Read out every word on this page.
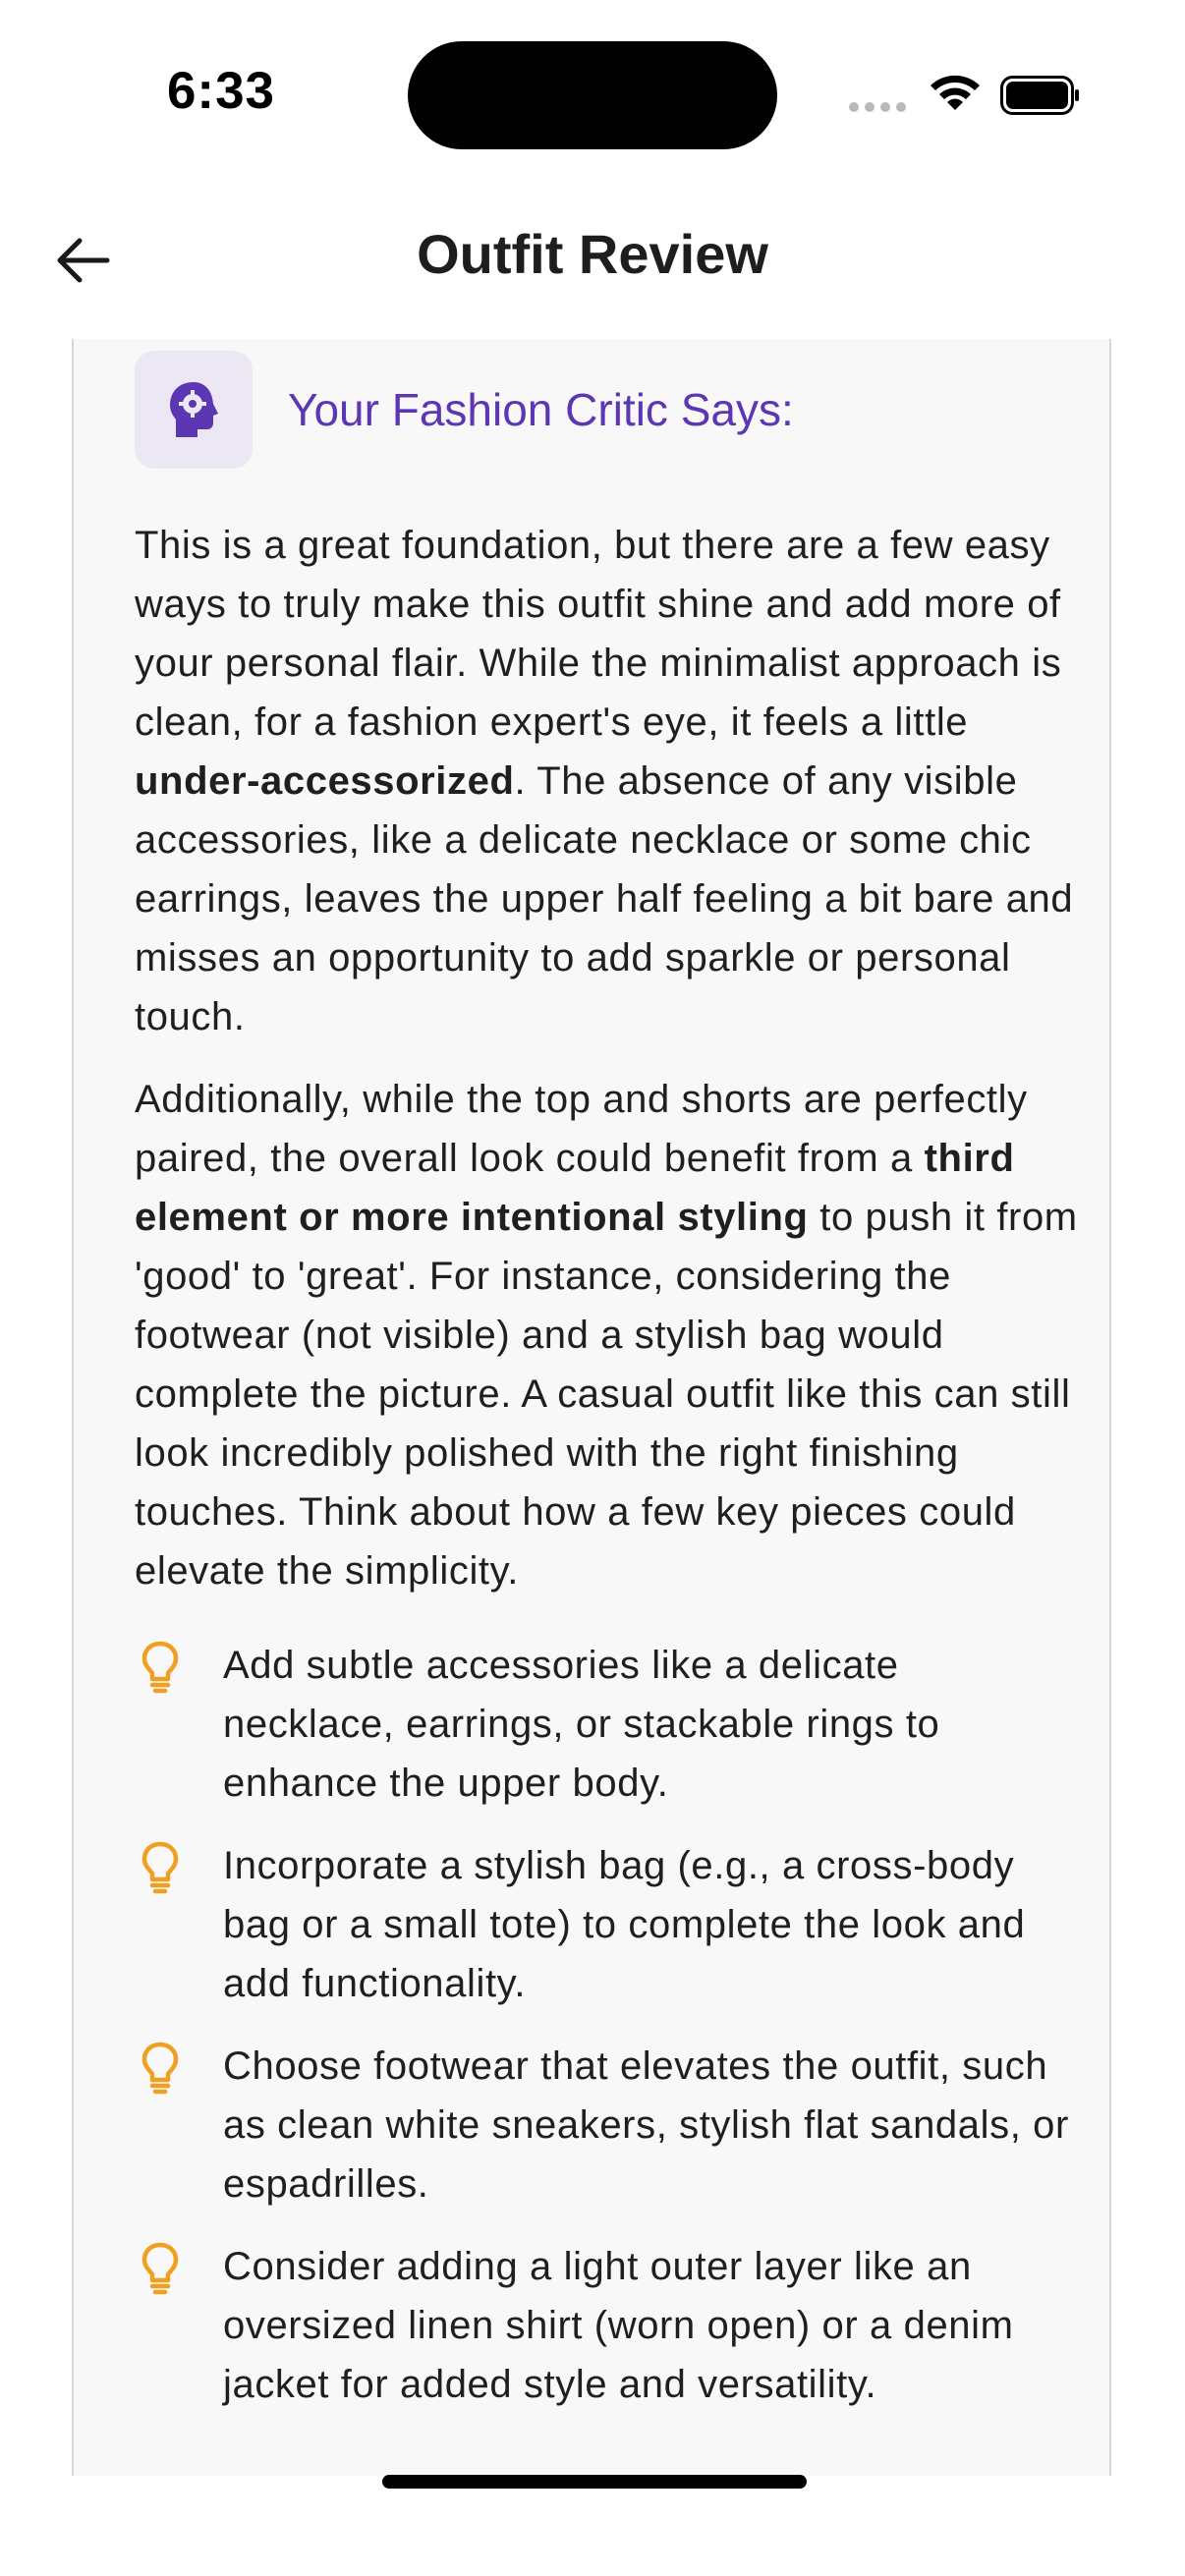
6:33
Outfit Review
Your Fashion Critic Says:

This is a great foundation, but there are a few easy ways to truly make this outfit shine and add more of your personal flair. While the minimalist approach is clean, for a fashion expert's eye, it feels a little under-accessorized. The absence of any visible accessories, like a delicate necklace or some chic earrings, leaves the upper half feeling a bit bare and misses an opportunity to add sparkle or personal touch.

Additionally, while the top and shorts are perfectly paired, the overall look could benefit from a third element or more intentional styling to push it from 'good' to 'great'. For instance, considering the footwear (not visible) and a stylish bag would complete the picture. A casual outfit like this can still look incredibly polished with the right finishing touches. Think about how a few key pieces could elevate the simplicity.

Add subtle accessories like a delicate necklace, earrings, or stackable rings to enhance the upper body.
Incorporate a stylish bag (e.g., a cross-body bag or a small tote) to complete the look and add functionality.
Choose footwear that elevates the outfit, such as clean white sneakers, stylish flat sandals, or espadrilles.
Consider adding a light outer layer like an oversized linen shirt (worn open) or a denim jacket for added style and versatility.
